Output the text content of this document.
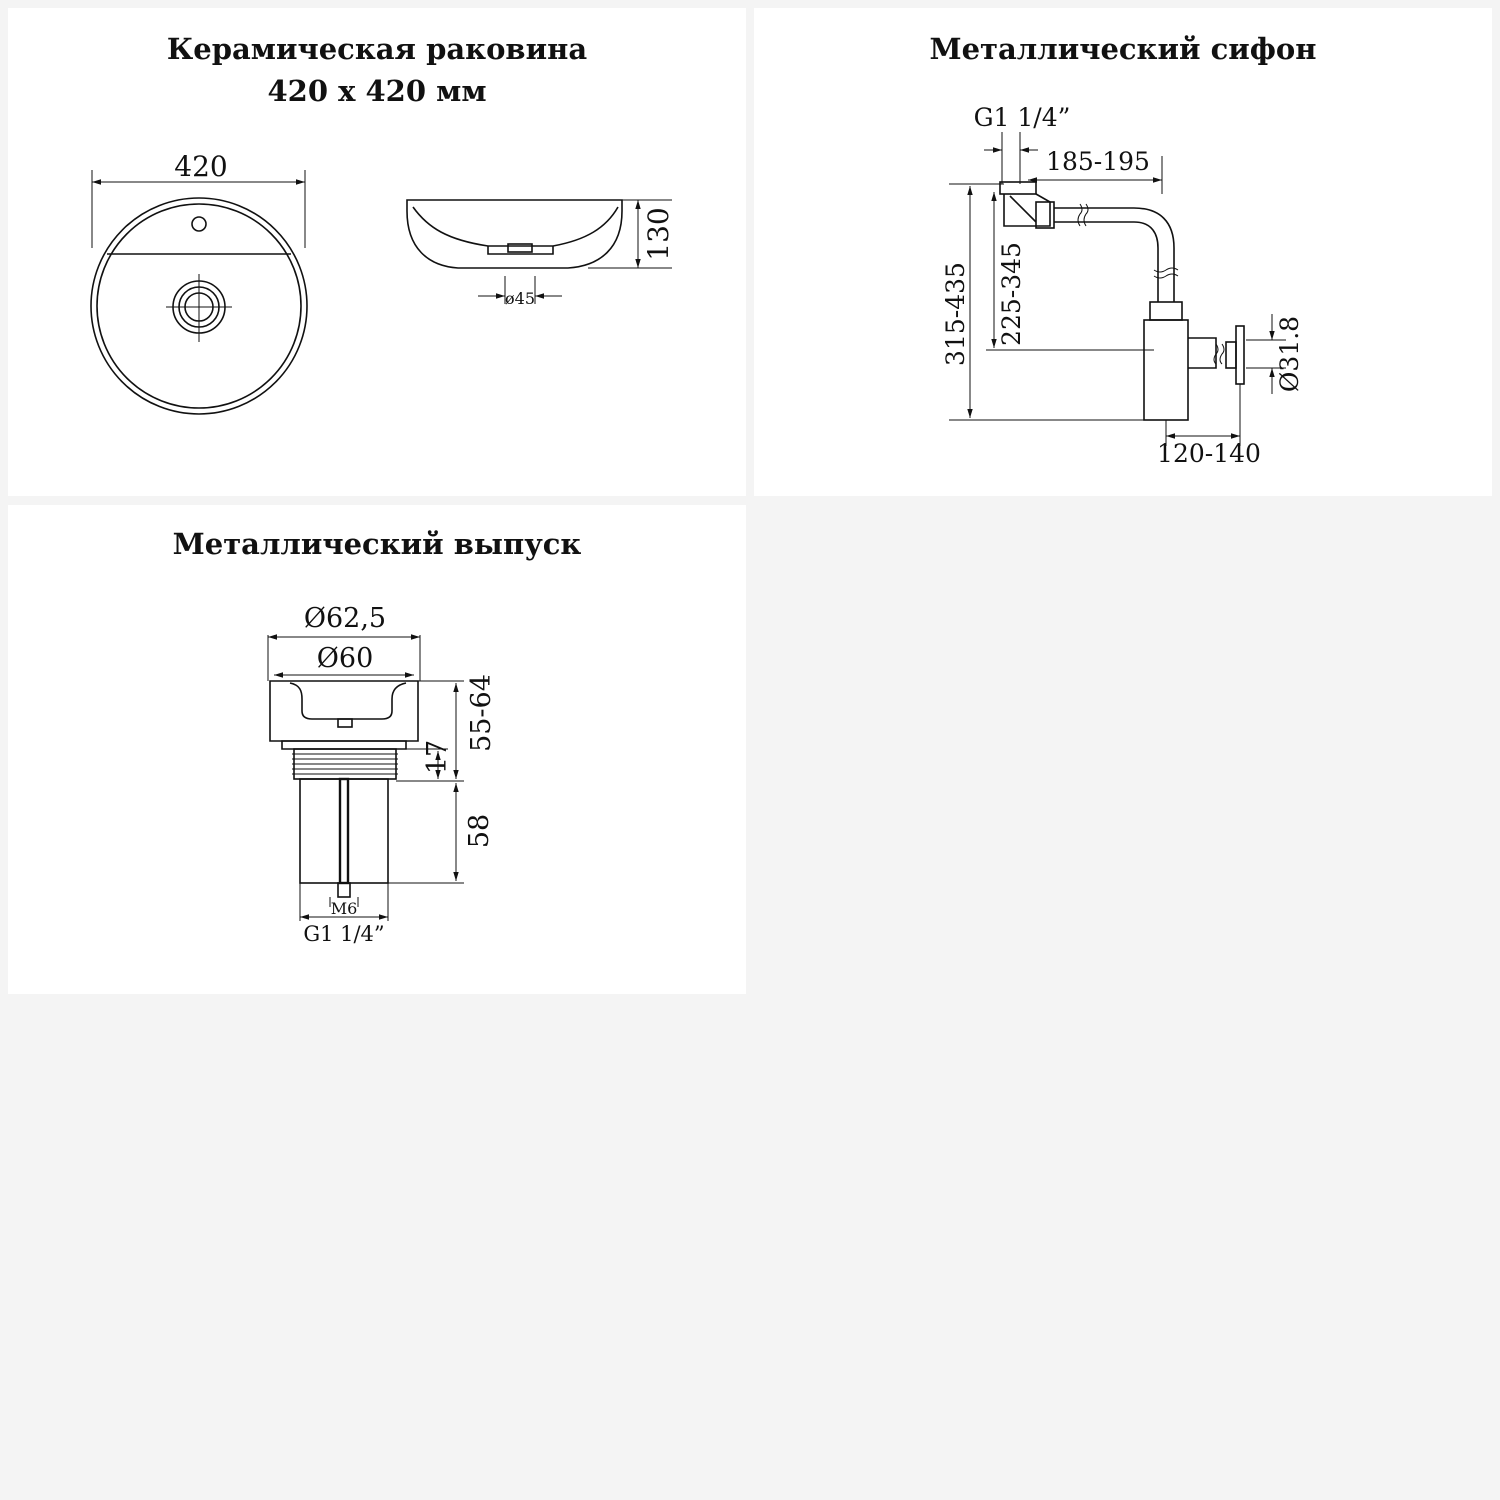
Керамическая раковина
420 х 420 мм
420
130
ø45
Металлический сифон
G1 1/4”
185-195
315-435 225-345
Ø31.8
120-140
Металлический выпуск
Ø62,5
Ø60
55-64
17
58
M6
G1 1/4”
